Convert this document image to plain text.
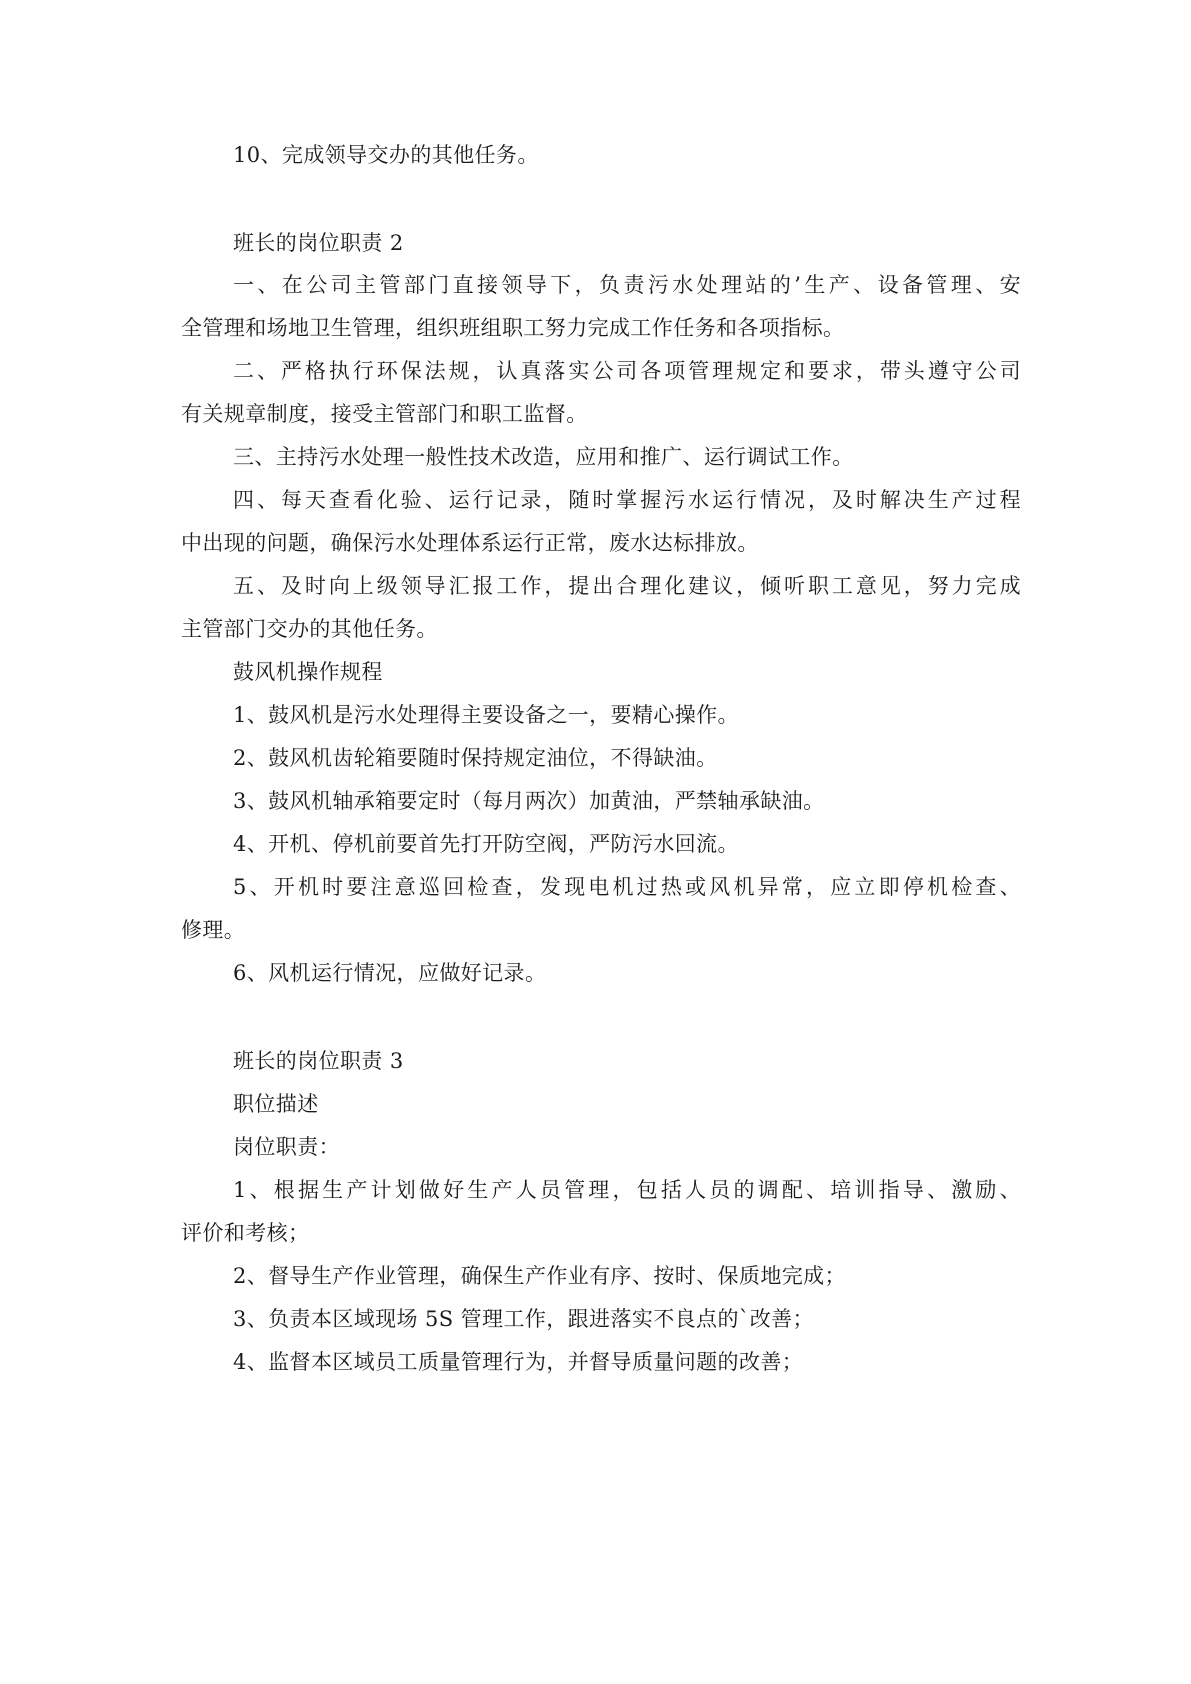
10、完成领导交办的其他任务。
班长的岗位职责 2
一、在公司主管部门直接领导下，负责污水处理站的’生产、设备管理、安
全管理和场地卫生管理，组织班组职工努力完成工作任务和各项指标。
二、严格执行环保法规，认真落实公司各项管理规定和要求，带头遵守公司
有关规章制度，接受主管部门和职工监督。
三、主持污水处理一般性技术改造，应用和推广、运行调试工作。
四、每天查看化验、运行记录，随时掌握污水运行情况，及时解决生产过程
中出现的问题，确保污水处理体系运行正常，废水达标排放。
五、及时向上级领导汇报工作，提出合理化建议，倾听职工意见，努力完成
主管部门交办的其他任务。
鼓风机操作规程
1、鼓风机是污水处理得主要设备之一，要精心操作。
2、鼓风机齿轮箱要随时保持规定油位，不得缺油。
3、鼓风机轴承箱要定时（每月两次）加黄油，严禁轴承缺油。
4、开机、停机前要首先打开防空阀，严防污水回流。
5、开机时要注意巡回检查，发现电机过热或风机异常，应立即停机检查、
修理。
6、风机运行情况，应做好记录。
班长的岗位职责 3
职位描述
岗位职责：
1、根据生产计划做好生产人员管理，包括人员的调配、培训指导、激励、
评价和考核；
2、督导生产作业管理，确保生产作业有序、按时、保质地完成；
3、负责本区域现场 5S 管理工作，跟进落实不良点的`改善；
4、监督本区域员工质量管理行为，并督导质量问题的改善；
